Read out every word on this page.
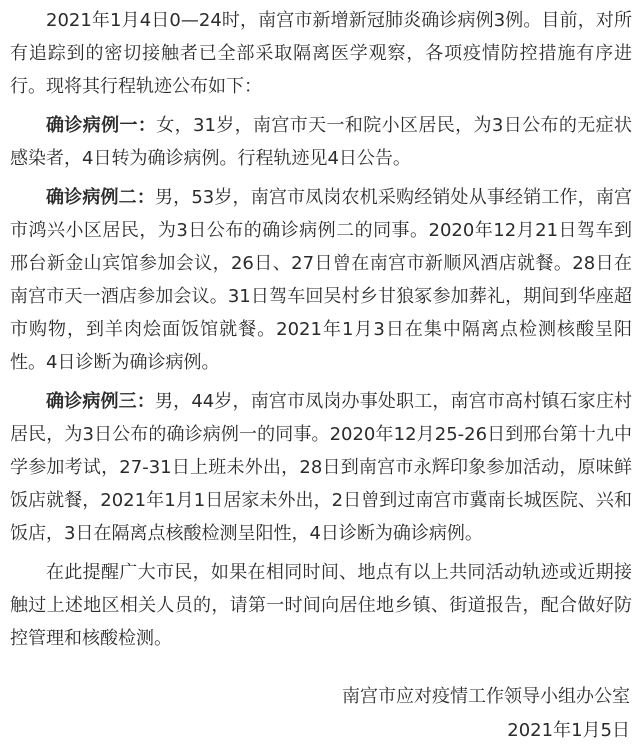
2021年1月4日0—24时，南宫市新增新冠肺炎确诊病例3例。目前，对所有追踪到的密切接触者已全部采取隔离医学观察，各项疫情防控措施有序进行。现将其行程轨迹公布如下：

确诊病例一：女，31岁，南宫市天一和院小区居民，为3日公布的无症状感染者，4日转为确诊病例。行程轨迹见4日公告。

确诊病例二：男，53岁，南宫市凤岗农机采购经销处从事经销工作，南宫市鸿兴小区居民，为3日公布的确诊病例二的同事。2020年12月21日驾车到邢台新金山宾馆参加会议，26日、27日曾在南宫市新顺风酒店就餐。28日在南宫市天一酒店参加会议。31日驾车回吴村乡甘狼冢参加葬礼，期间到华座超市购物，到羊肉烩面饭馆就餐。2021年1月3日在集中隔离点检测核酸呈阳性。4日诊断为确诊病例。

确诊病例三：男，44岁，南宫市凤岗办事处职工，南宫市高村镇石家庄村居民，为3日公布的确诊病例一的同事。2020年12月25-26日到邢台第十九中学参加考试，27-31日上班未外出，28日到南宫市永辉印象参加活动，原味鲜饭店就餐，2021年1月1日居家未外出，2日曾到过南宫市冀南长城医院、兴和饭店，3日在隔离点核酸检测呈阳性，4日诊断为确诊病例。

在此提醒广大市民，如果在相同时间、地点有以上共同活动轨迹或近期接触过上述地区相关人员的，请第一时间向居住地乡镇、街道报告，配合做好防控管理和核酸检测。

南宫市应对疫情工作领导小组办公室
2021年1月5日
